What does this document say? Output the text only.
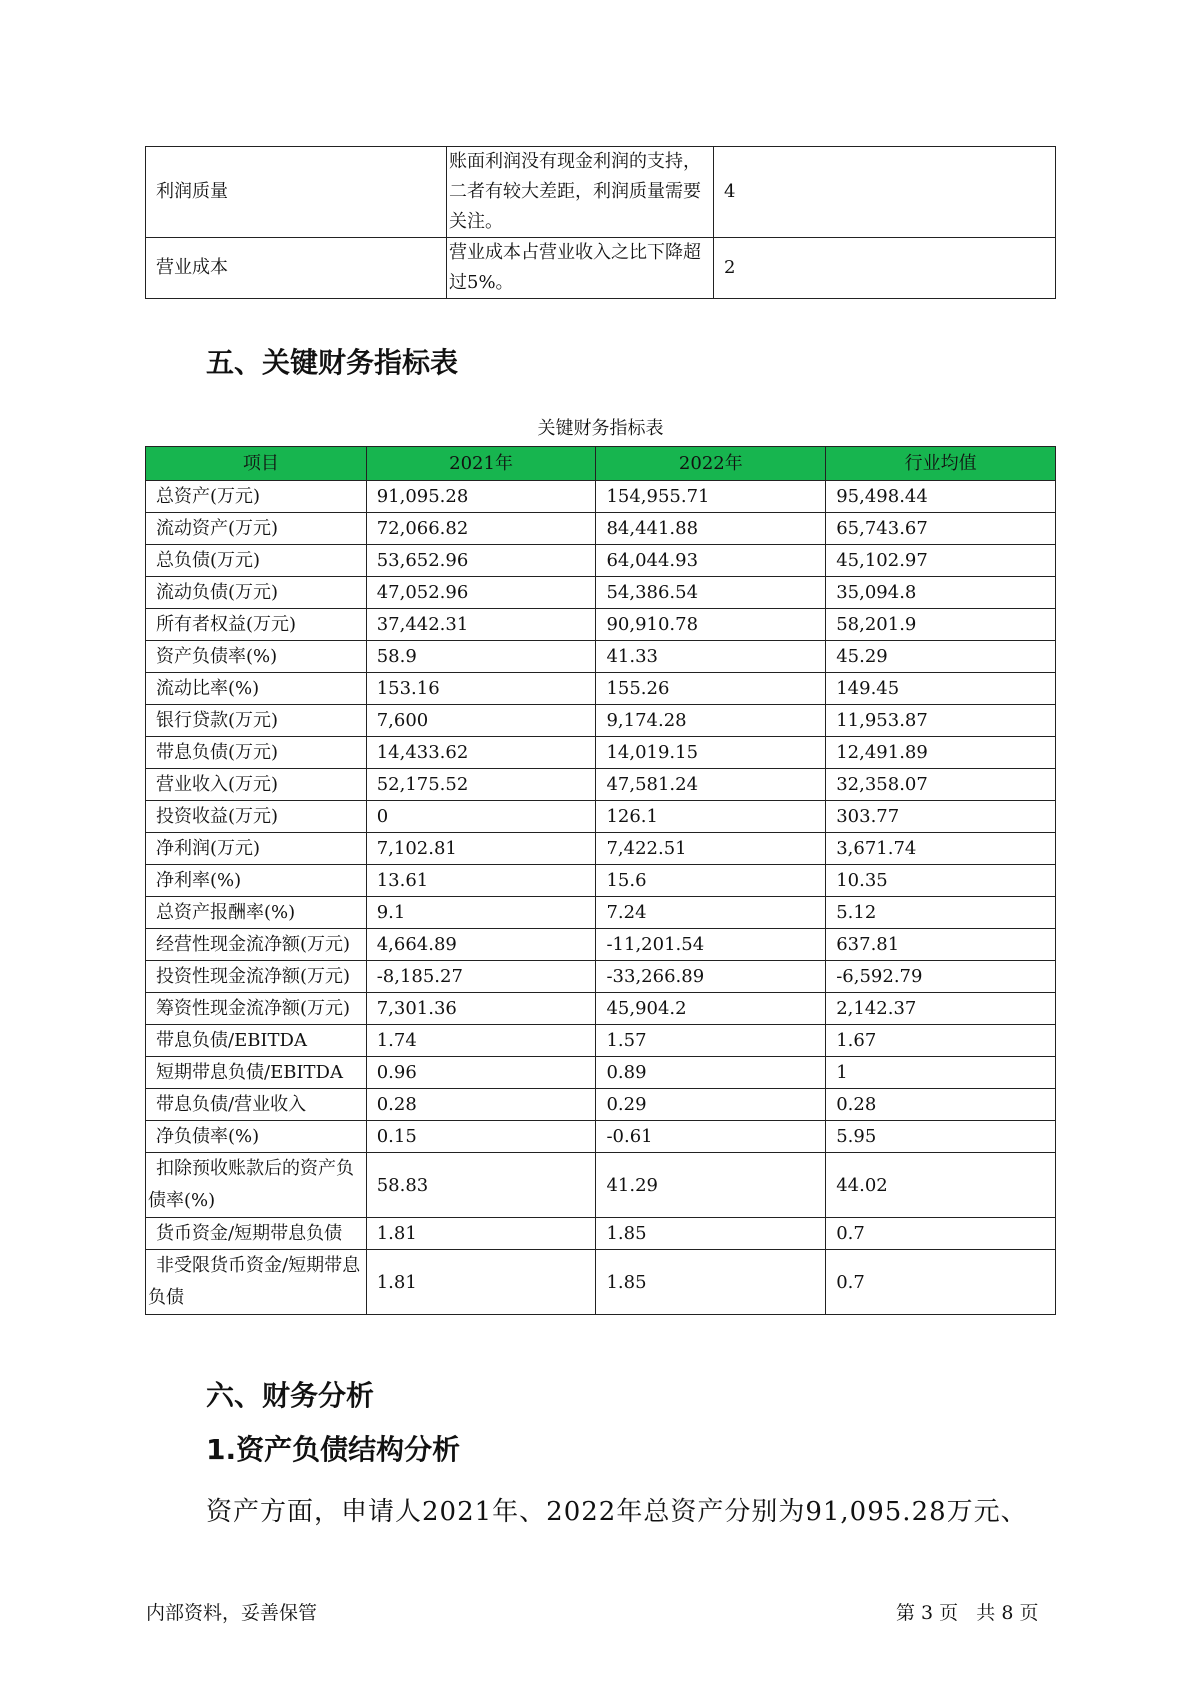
利润质量	账面利润没有现金利润的支持，二者有较大差距，利润质量需要关注。	4
营业成本	营业成本占营业收入之比下降超过5%。	2
五、关键财务指标表
关键财务指标表
项目	2021年	2022年	行业均值
总资产(万元)	91,095.28	154,955.71	95,498.44
流动资产(万元)	72,066.82	84,441.88	65,743.67
总负债(万元)	53,652.96	64,044.93	45,102.97
流动负债(万元)	47,052.96	54,386.54	35,094.8
所有者权益(万元)	37,442.31	90,910.78	58,201.9
资产负债率(%)	58.9	41.33	45.29
流动比率(%)	153.16	155.26	149.45
银行贷款(万元)	7,600	9,174.28	11,953.87
带息负债(万元)	14,433.62	14,019.15	12,491.89
营业收入(万元)	52,175.52	47,581.24	32,358.07
投资收益(万元)	0	126.1	303.77
净利润(万元)	7,102.81	7,422.51	3,671.74
净利率(%)	13.61	15.6	10.35
总资产报酬率(%)	9.1	7.24	5.12
经营性现金流净额(万元)	4,664.89	-11,201.54	637.81
投资性现金流净额(万元)	-8,185.27	-33,266.89	-6,592.79
筹资性现金流净额(万元)	7,301.36	45,904.2	2,142.37
带息负债/EBITDA	1.74	1.57	1.67
短期带息负债/EBITDA	0.96	0.89	1
带息负债/营业收入	0.28	0.29	0.28
净负债率(%)	0.15	-0.61	5.95
扣除预收账款后的资产负债率(%)	58.83	41.29	44.02
货币资金/短期带息负债	1.81	1.85	0.7
非受限货币资金/短期带息负债	1.81	1.85	0.7
六、财务分析
1.资产负债结构分析

资产方面，申请人2021年、2022年总资产分别为91,095.28万元、

内部资料，妥善保管	第 3 页   共 8 页
